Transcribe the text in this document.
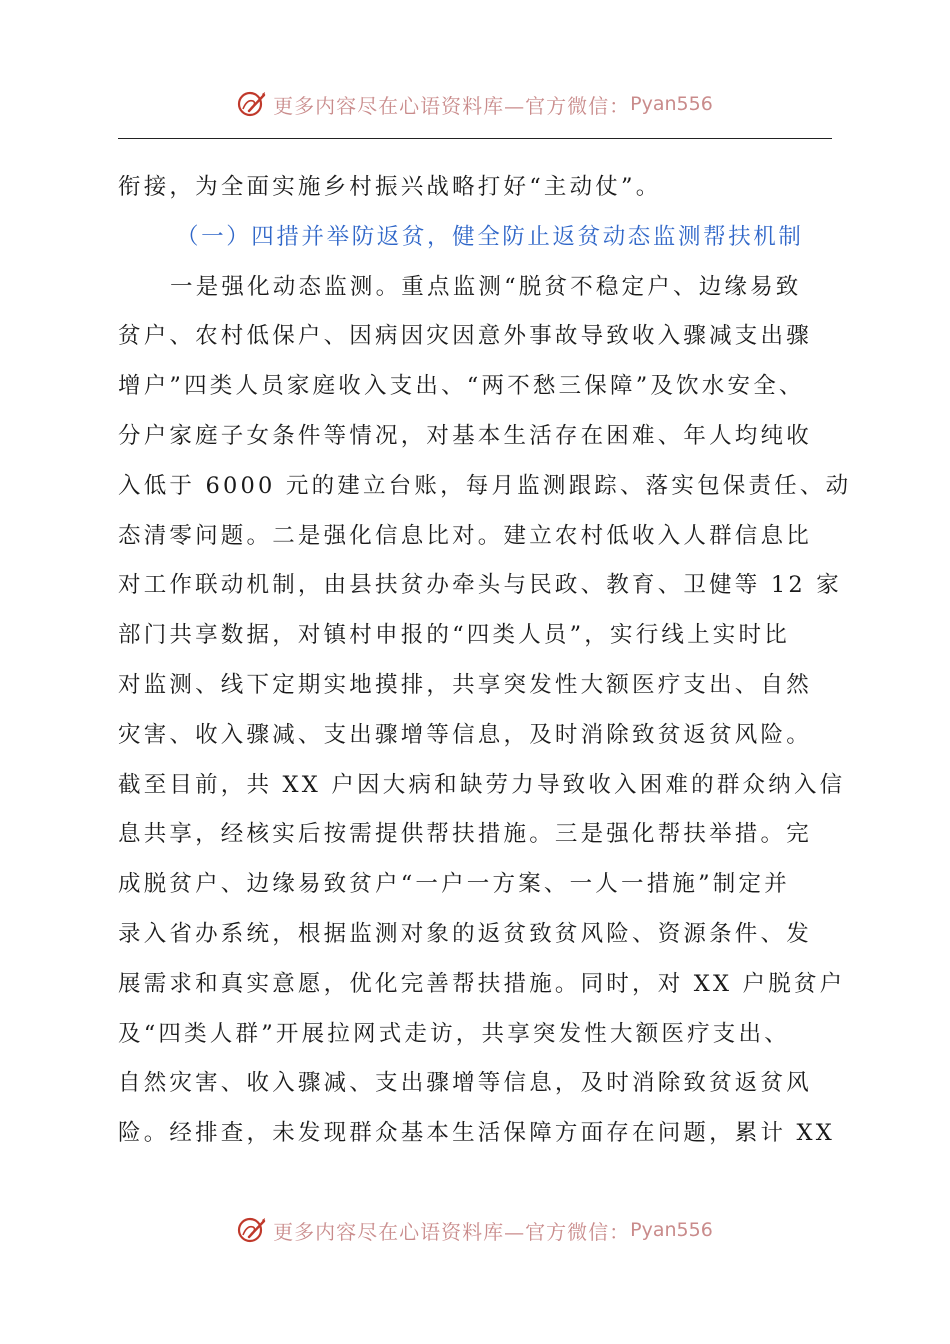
更多内容尽在心语资料库—官方微信： Pyan556
衔接，为全面实施乡村振兴战略打好“主动仗”。
（一）四措并举防返贫，健全防止返贫动态监测帮扶机制
一是强化动态监测。重点监测“脱贫不稳定户、边缘易致
贫户、农村低保户、因病因灾因意外事故导致收入骤减支出骤
增户”四类人员家庭收入支出、“两不愁三保障”及饮水安全、
分户家庭子女条件等情况，对基本生活存在困难、年人均纯收
入低于 6000 元的建立台账，每月监测跟踪、落实包保责任、动
态清零问题。二是强化信息比对。建立农村低收入人群信息比
对工作联动机制，由县扶贫办牵头与民政、教育、卫健等 12 家
部门共享数据，对镇村申报的“四类人员”，实行线上实时比
对监测、线下定期实地摸排，共享突发性大额医疗支出、自然
灾害、收入骤减、支出骤增等信息，及时消除致贫返贫风险。
截至目前，共 XX 户因大病和缺劳力导致收入困难的群众纳入信
息共享，经核实后按需提供帮扶措施。三是强化帮扶举措。完
成脱贫户、边缘易致贫户“一户一方案、一人一措施”制定并
录入省办系统，根据监测对象的返贫致贫风险、资源条件、发
展需求和真实意愿，优化完善帮扶措施。同时，对 XX 户脱贫户
及“四类人群”开展拉网式走访，共享突发性大额医疗支出、
自然灾害、收入骤减、支出骤增等信息，及时消除致贫返贫风
险。经排查，未发现群众基本生活保障方面存在问题，累计 XX
更多内容尽在心语资料库—官方微信： Pyan556
